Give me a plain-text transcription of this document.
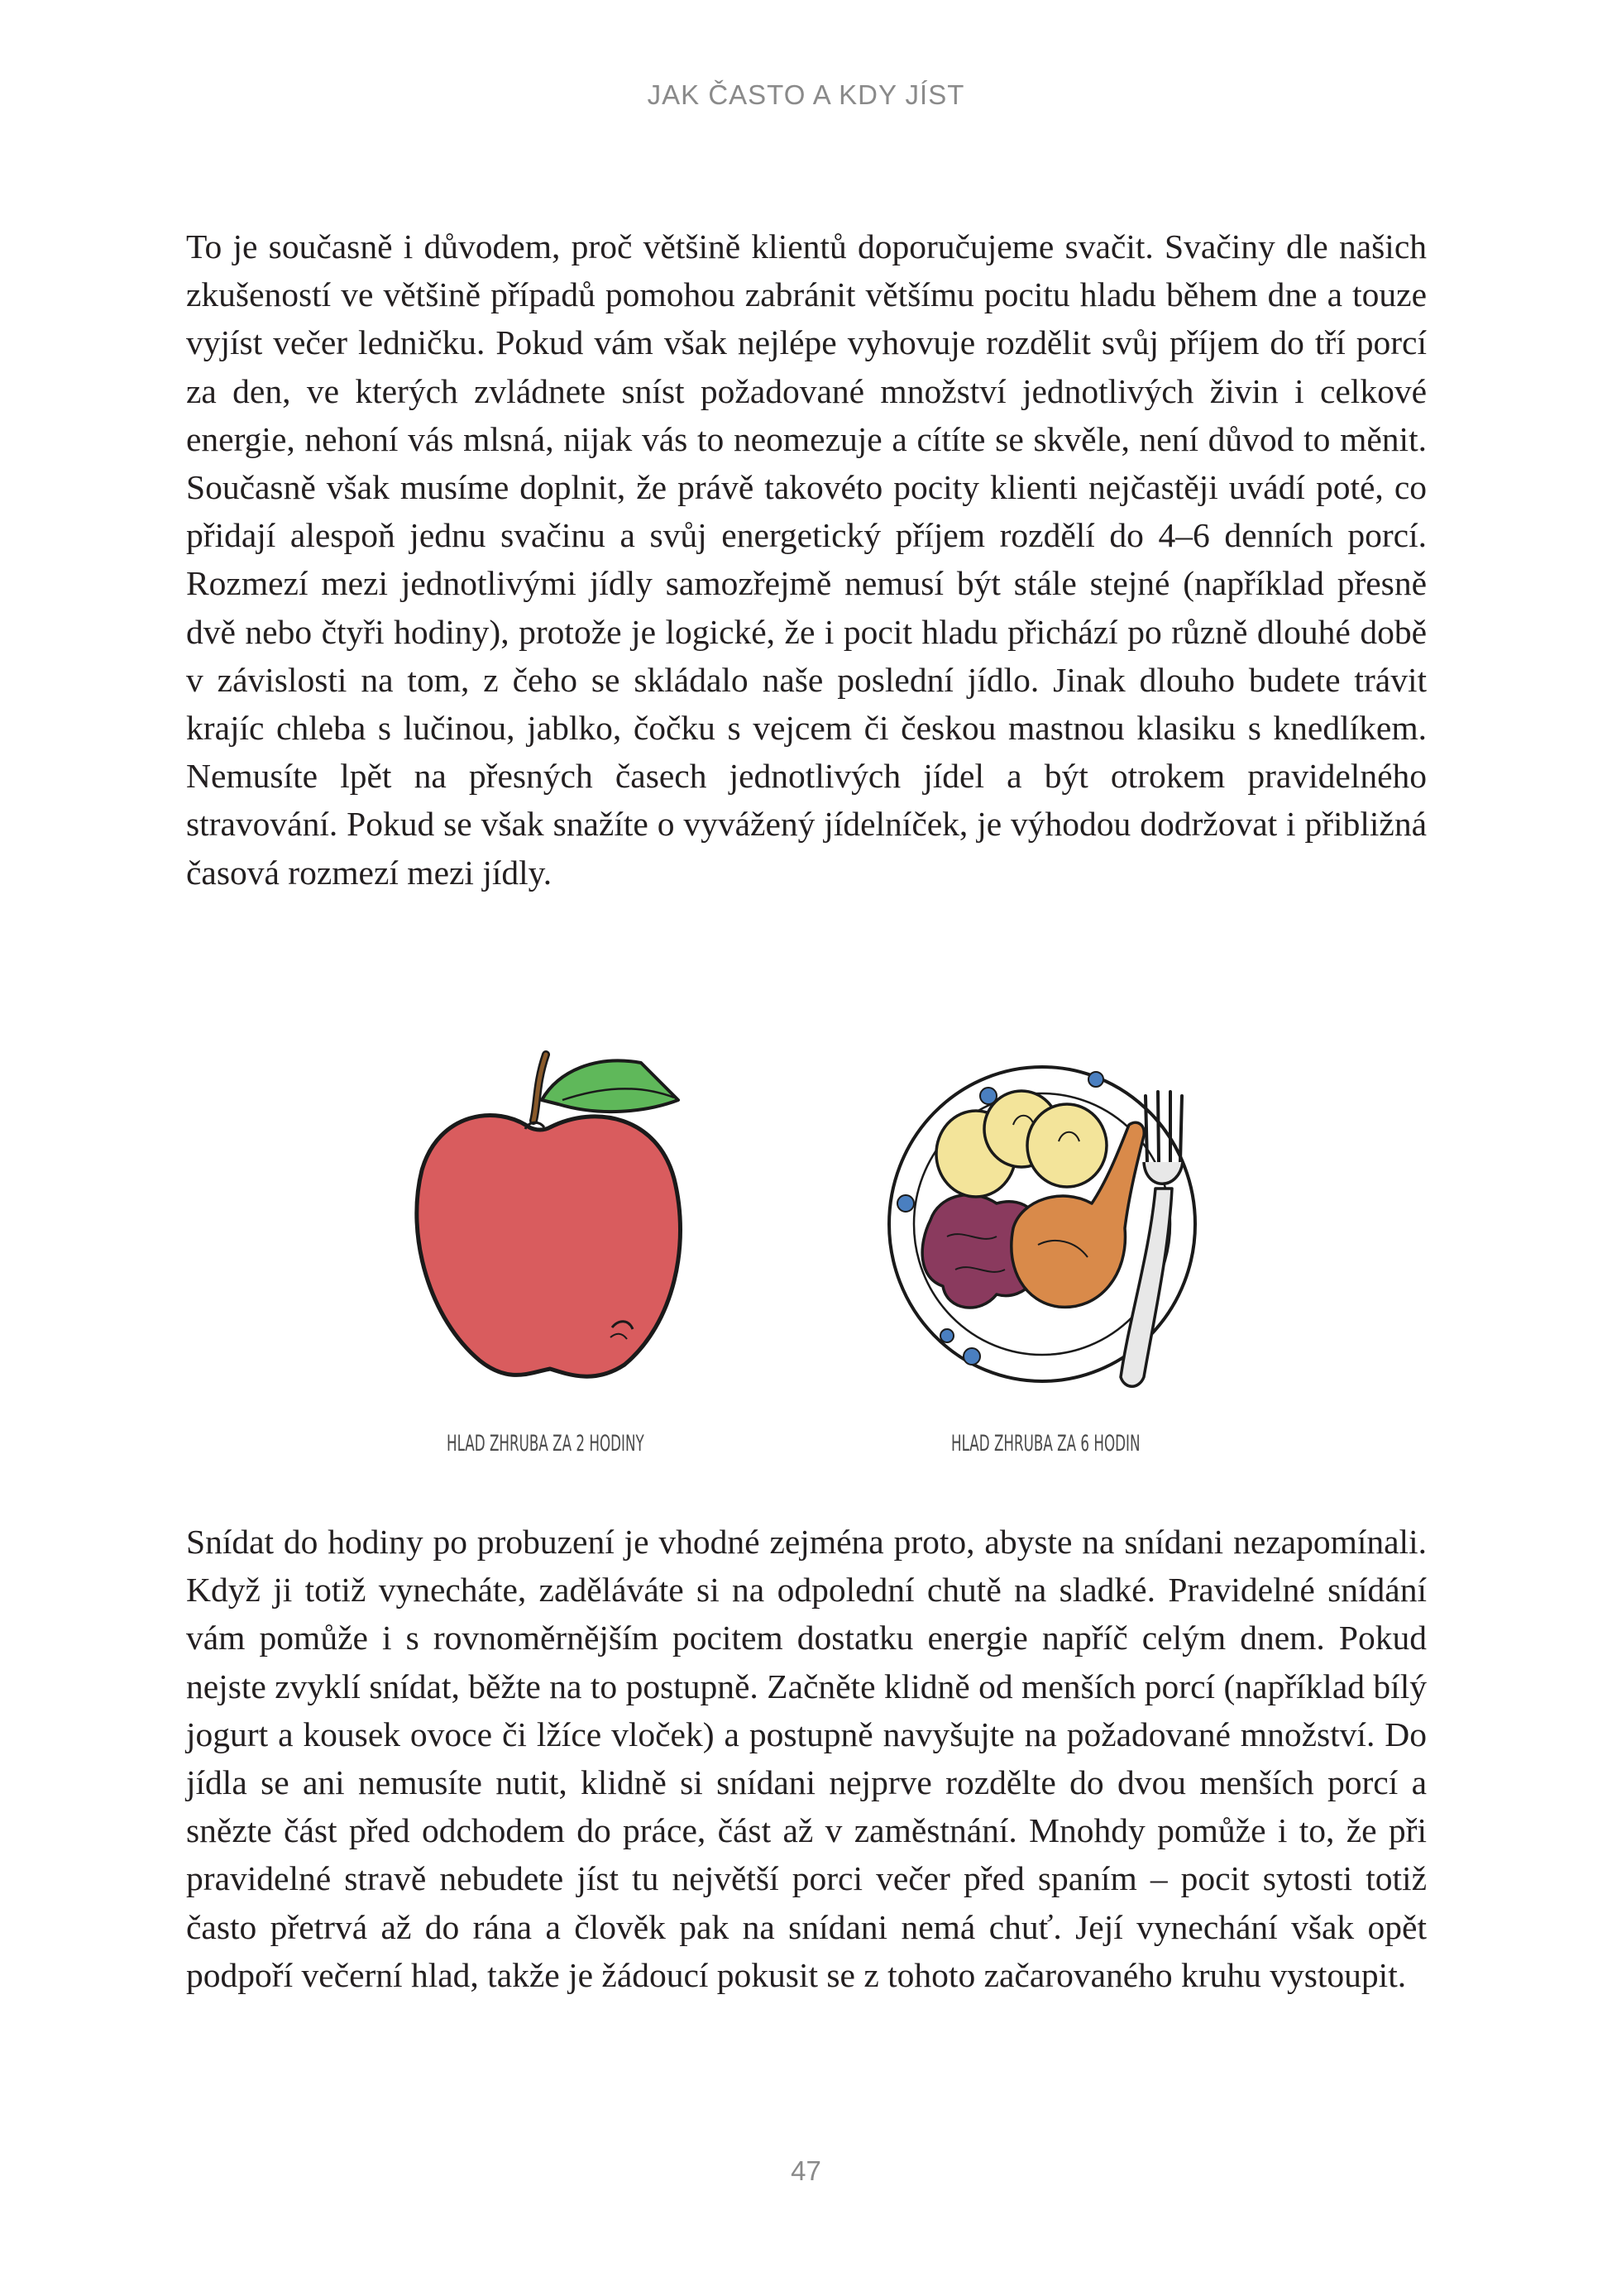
JAK ČASTO A KDY JÍST

To je současně i důvodem, proč většině klientů doporučujeme svačit. Svačiny dle našich zkušeností ve většině případů pomohou zabránit většímu pocitu hladu během dne a touze vyjíst večer ledničku. Pokud vám však nejlépe vyhovuje rozdělit svůj příjem do tří porcí za den, ve kterých zvládnete sníst požadované množství jednotlivých živin i celkové energie, nehoní vás mlsná, nijak vás to neomezuje a cítíte se skvěle, není důvod to měnit. Současně však musíme doplnit, že právě takovéto pocity klienti nejčastěji uvádí poté, co přidají alespoň jednu svačinu a svůj energetický příjem rozdělí do 4–6 denních porcí. Rozmezí mezi jednotlivými jídly samozřejmě nemusí být stále stejné (například přesně dvě nebo čtyři hodiny), protože je logické, že i pocit hladu přichází po různě dlouhé době v závislosti na tom, z čeho se skládalo naše poslední jídlo. Jinak dlouho budete trávit krajíc chleba s lučinou, jablko, čočku s vejcem či českou mastnou klasiku s knedlíkem. Nemusíte lpět na přesných časech jednotlivých jídel a být otrokem pravidelného stravování. Pokud se však snažíte o vyvážený jídelníček, je výhodou dodržovat i přibližná časová rozmezí mezi jídly.

HLAD ZHRUBA ZA 2 HODINY	HLAD ZHRUBA ZA 6 HODIN

Snídat do hodiny po probuzení je vhodné zejména proto, abyste na snídani nezapomínali. Když ji totiž vynecháte, zaděláváte si na odpolední chutě na sladké. Pravidelné snídání vám pomůže i s rovnoměrnějším pocitem dostatku energie napříč celým dnem. Pokud nejste zvyklí snídat, běžte na to postupně. Začněte klidně od menších porcí (například bílý jogurt a kousek ovoce či lžíce vloček) a postupně navyšujte na požadované množství. Do jídla se ani nemusíte nutit, klidně si snídani nejprve rozdělte do dvou menších porcí a snězte část před odchodem do práce, část až v zaměstnání. Mnohdy pomůže i to, že při pravidelné stravě nebudete jíst tu největší porci večer před spaním – pocit sytosti totiž často přetrvá až do rána a člověk pak na snídani nemá chuť. Její vynechání však opět podpoří večerní hlad, takže je žádoucí pokusit se z tohoto začarovaného kruhu vystoupit.

47
